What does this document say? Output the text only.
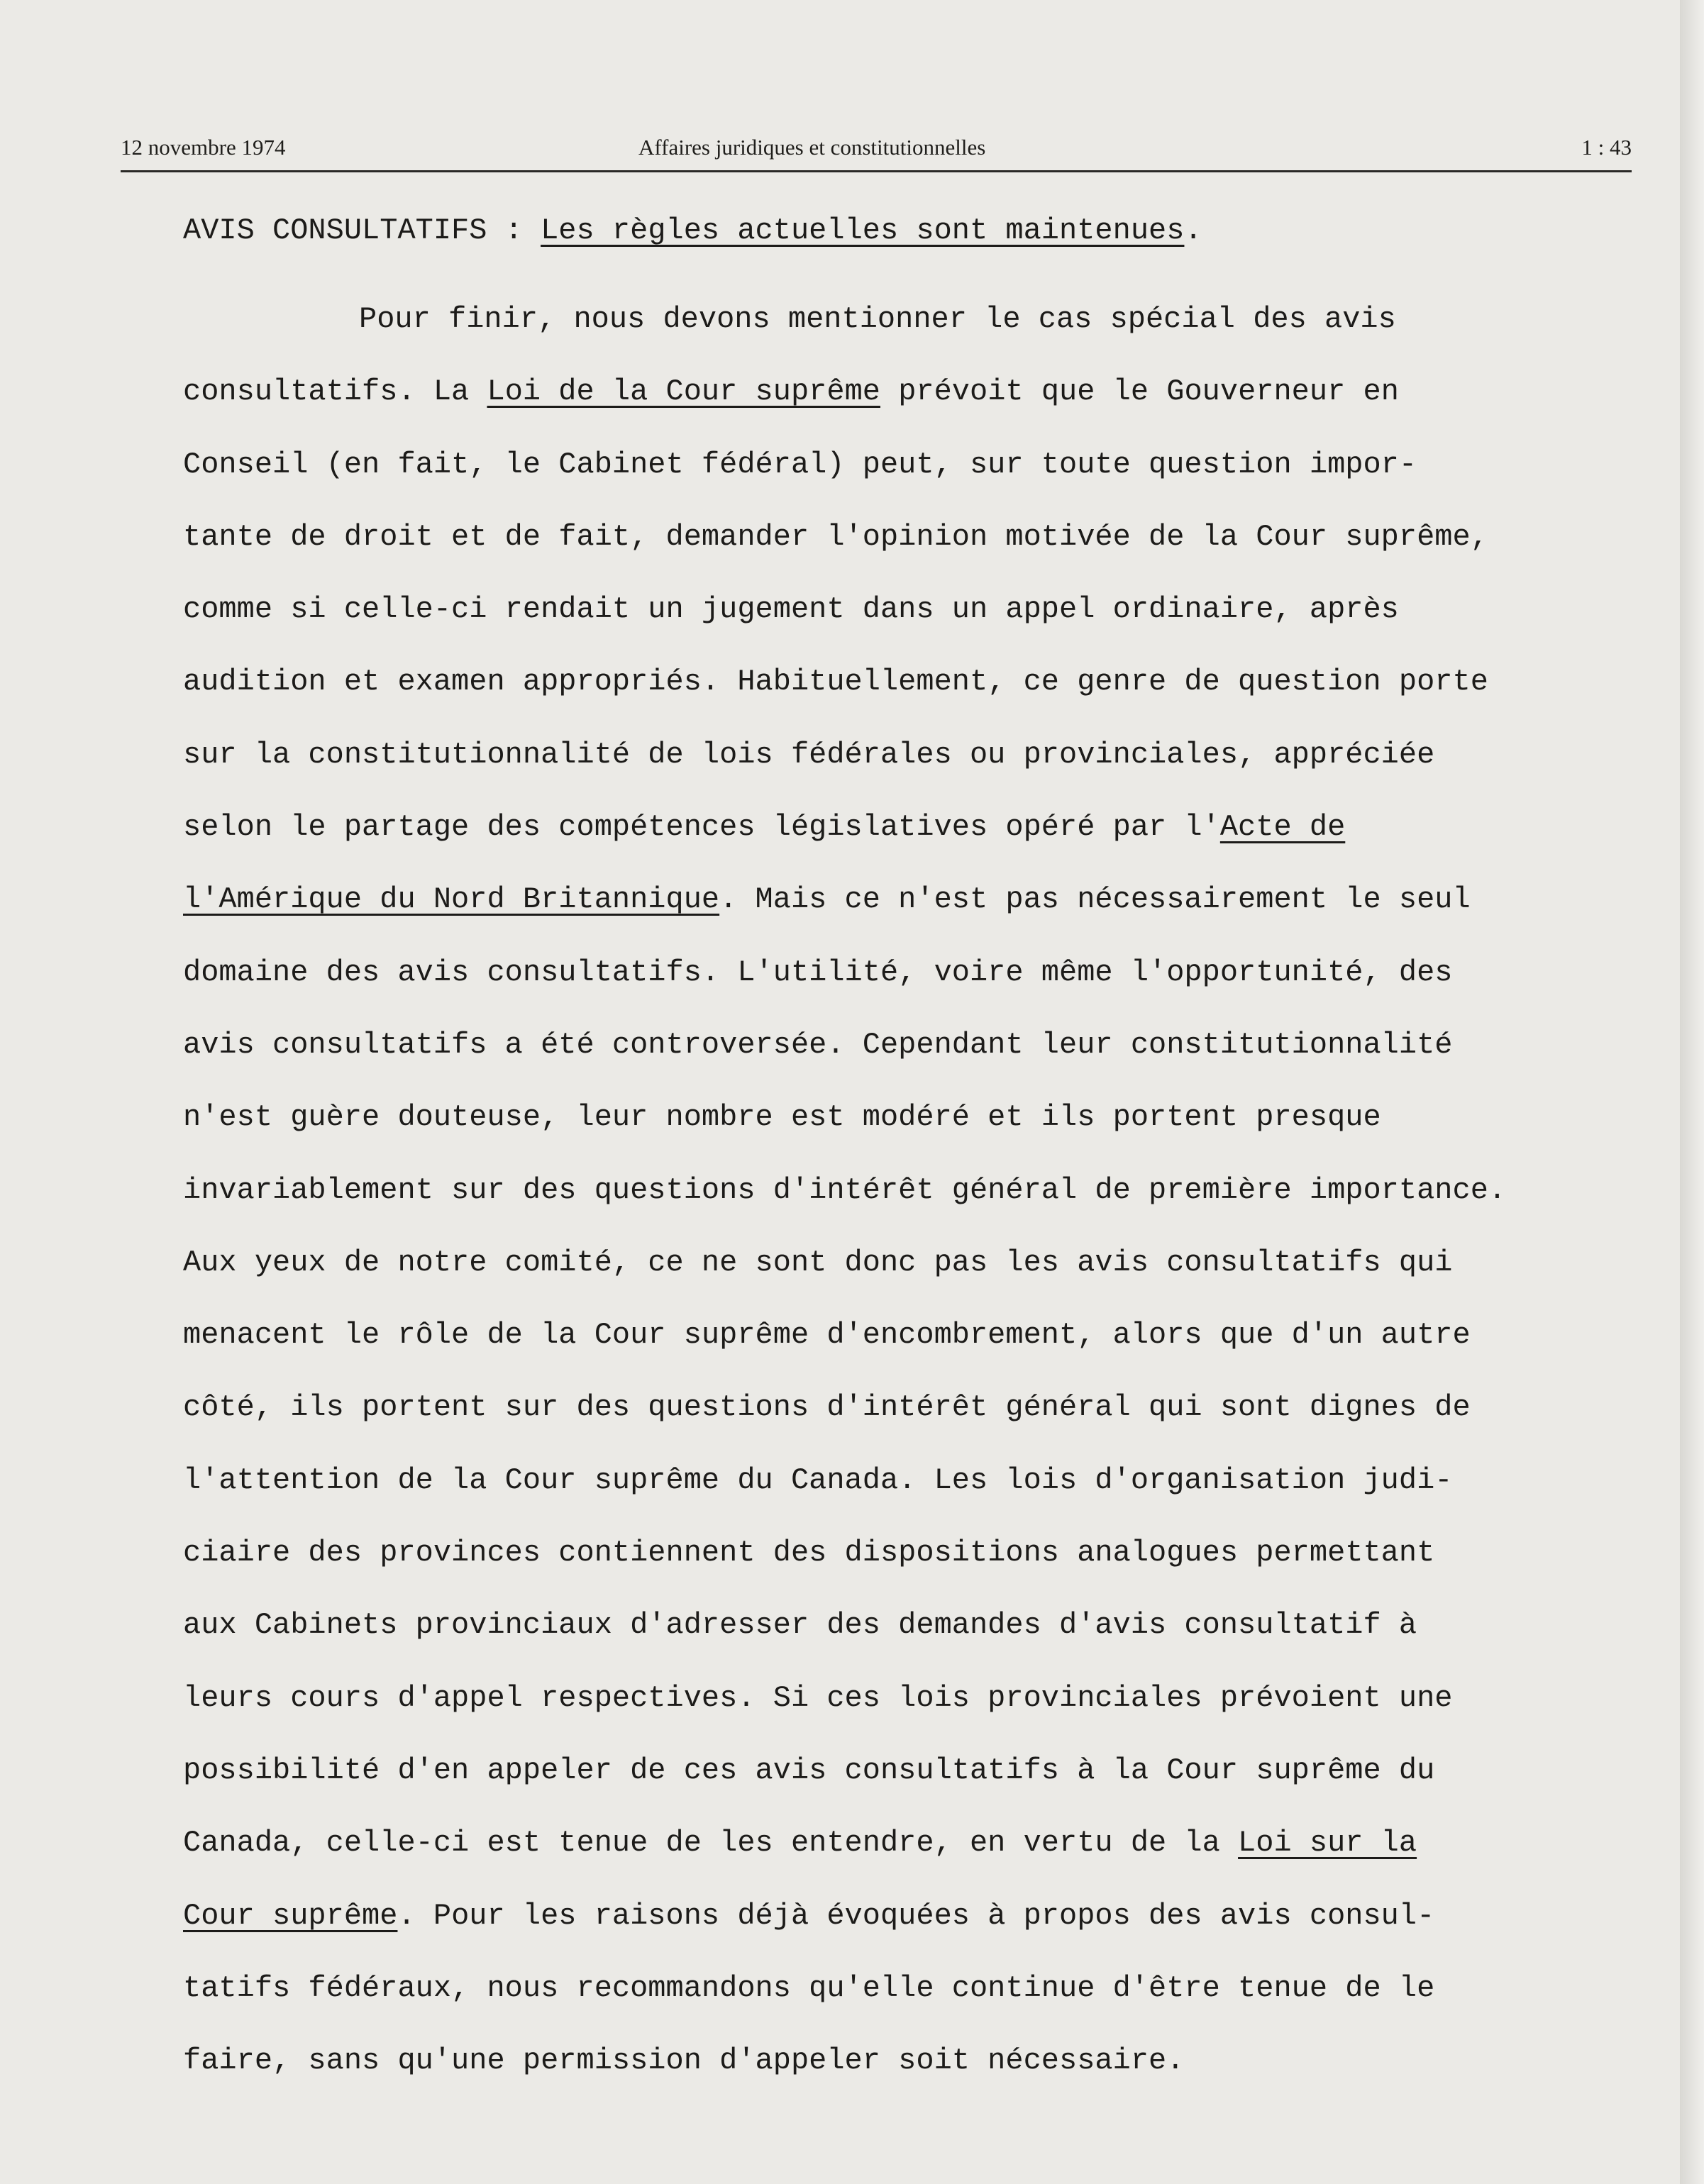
12 novembre 1974	Affaires juridiques et constitutionnelles	1 : 43
AVIS CONSULTATIFS : Les règles actuelles sont maintenues.
Pour finir, nous devons mentionner le cas spécial des avis
consultatifs. La Loi de la Cour suprême prévoit que le Gouverneur en
Conseil (en fait, le Cabinet fédéral) peut, sur toute question impor-
tante de droit et de fait, demander l'opinion motivée de la Cour suprême,
comme si celle-ci rendait un jugement dans un appel ordinaire, après
audition et examen appropriés. Habituellement, ce genre de question porte
sur la constitutionnalité de lois fédérales ou provinciales, appréciée
selon le partage des compétences législatives opéré par l'Acte de
l'Amérique du Nord Britannique. Mais ce n'est pas nécessairement le seul
domaine des avis consultatifs. L'utilité, voire même l'opportunité, des
avis consultatifs a été controversée. Cependant leur constitutionnalité
n'est guère douteuse, leur nombre est modéré et ils portent presque
invariablement sur des questions d'intérêt général de première importance.
Aux yeux de notre comité, ce ne sont donc pas les avis consultatifs qui
menacent le rôle de la Cour suprême d'encombrement, alors que d'un autre
côté, ils portent sur des questions d'intérêt général qui sont dignes de
l'attention de la Cour suprême du Canada. Les lois d'organisation judi-
ciaire des provinces contiennent des dispositions analogues permettant
aux Cabinets provinciaux d'adresser des demandes d'avis consultatif à
leurs cours d'appel respectives. Si ces lois provinciales prévoient une
possibilité d'en appeler de ces avis consultatifs à la Cour suprême du
Canada, celle-ci est tenue de les entendre, en vertu de la Loi sur la
Cour suprême. Pour les raisons déjà évoquées à propos des avis consul-
tatifs fédéraux, nous recommandons qu'elle continue d'être tenue de le
faire, sans qu'une permission d'appeler soit nécessaire.
